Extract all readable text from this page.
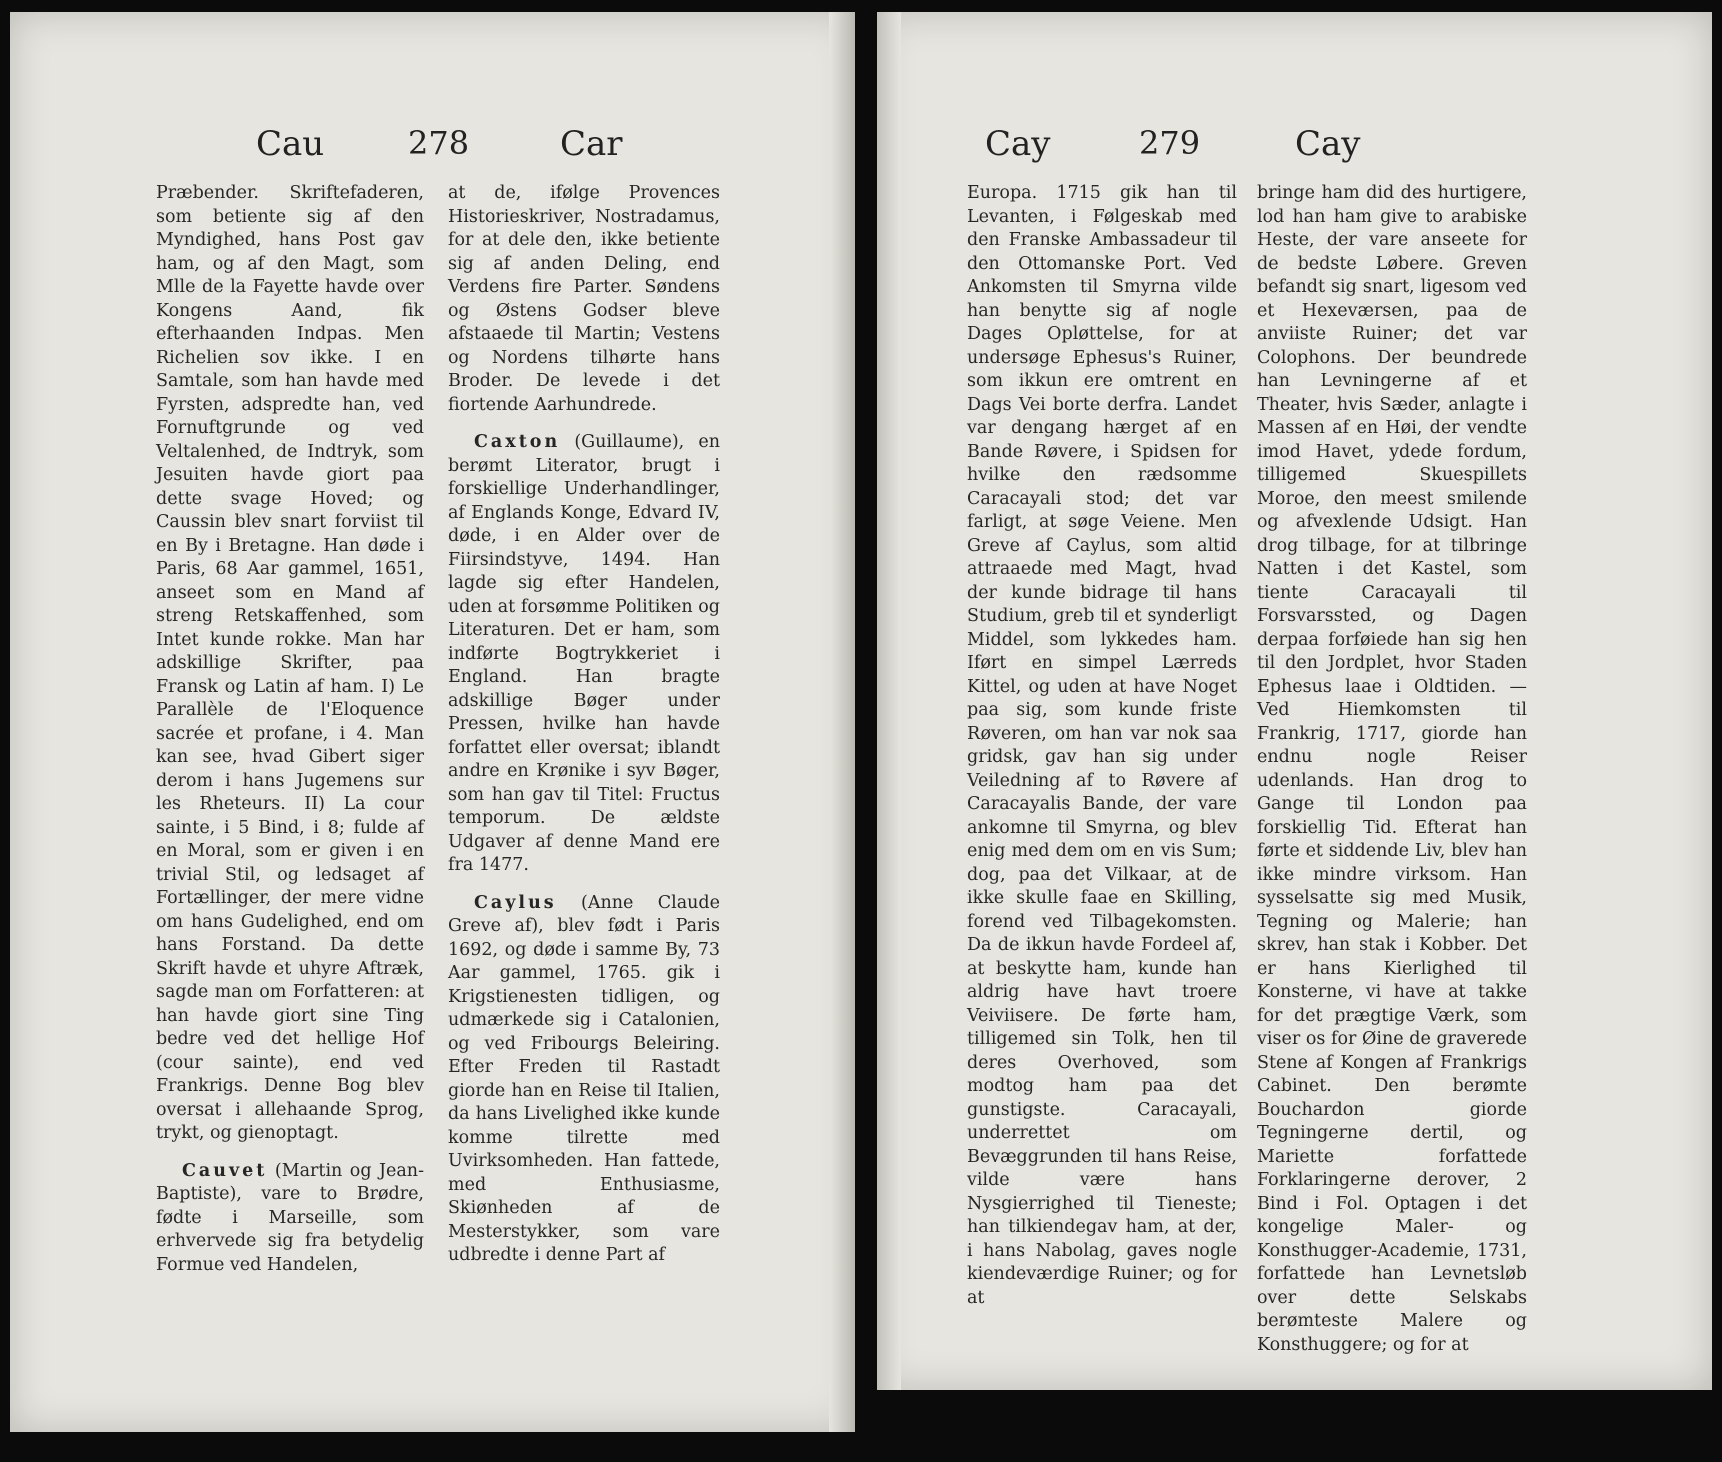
Cau	278	Car

Præbender. Skriftefaderen, som betiente sig af den Myndighed, hans Post gav ham, og af den Magt, som Mlle de la Fayette havde over Kongens Aand, fik efterhaanden Indpas. Men Richelien sov ikke. I en Samtale, som han havde med Fyrsten, adspredte han, ved Fornuftgrunde og ved Veltalenhed, de Indtryk, som Jesuiten havde giort paa dette svage Hoved; og Caussin blev snart forviist til en By i Bretagne. Han døde i Paris, 68 Aar gammel, 1651, anseet som en Mand af streng Retskaffenhed, som Intet kunde rokke. Man har adskillige Skrifter, paa Fransk og Latin af ham. I) Le Parallèle de l'Eloquence sacrée et profane, i 4. Man kan see, hvad Gibert siger derom i hans Jugemens sur les Rheteurs. II) La cour sainte, i 5 Bind, i 8; fulde af en Moral, som er given i en trivial Stil, og ledsaget af Fortællinger, der mere vidne om hans Gudelighed, end om hans Forstand. Da dette Skrift havde et uhyre Aftræk, sagde man om Forfatteren: at han havde giort sine Ting bedre ved det hellige Hof (cour sainte), end ved Frankrigs. Denne Bog blev oversat i allehaande Sprog, trykt, og gienoptagt.

Cauvet (Martin og Jean-Baptiste), vare to Brødre, fødte i Marseille, som erhvervede sig fra betydelig Formue ved Handelen,

at de, ifølge Provences Historieskriver, Nostradamus, for at dele den, ikke betiente sig af anden Deling, end Verdens fire Parter. Søndens og Østens Godser bleve afstaaede til Martin; Vestens og Nordens tilhørte hans Broder. De levede i det fiortende Aarhundrede.

Caxton (Guillaume), en berømt Literator, brugt i forskiellige Underhandlinger, af Englands Konge, Edvard IV, døde, i en Alder over de Fiirsindstyve, 1494. Han lagde sig efter Handelen, uden at forsømme Politiken og Literaturen. Det er ham, som indførte Bogtrykkeriet i England. Han bragte adskillige Bøger under Pressen, hvilke han havde forfattet eller oversat; iblandt andre en Krønike i syv Bøger, som han gav til Titel: Fructus temporum. De ældste Udgaver af denne Mand ere fra 1477.

Caylus (Anne Claude Greve af), blev født i Paris 1692, og døde i samme By, 73 Aar gammel, 1765. gik i Krigstienesten tidligen, og udmærkede sig i Catalonien, og ved Fribourgs Beleiring. Efter Freden til Rastadt giorde han en Reise til Italien, da hans Livelighed ikke kunde komme tilrette med Uvirksomheden. Han fattede, med Enthusiasme, Skiønheden af de Mesterstykker, som vare udbredte i denne Part af

Cay	279	Cay

Europa. 1715 gik han til Levanten, i Følgeskab med den Franske Ambassadeur til den Ottomanske Port. Ved Ankomsten til Smyrna vilde han benytte sig af nogle Dages Opløttelse, for at undersøge Ephesus's Ruiner, som ikkun ere omtrent en Dags Vei borte derfra. Landet var dengang hærget af en Bande Røvere, i Spidsen for hvilke den rædsomme Caracayali stod; det var farligt, at søge Veiene. Men Greve af Caylus, som altid attraaede med Magt, hvad der kunde bidrage til hans Studium, greb til et synderligt Middel, som lykkedes ham. Iført en simpel Lærreds Kittel, og uden at have Noget paa sig, som kunde friste Røveren, om han var nok saa gridsk, gav han sig under Veiledning af to Røvere af Caracayalis Bande, der vare ankomne til Smyrna, og blev enig med dem om en vis Sum; dog, paa det Vilkaar, at de ikke skulle faae en Skilling, forend ved Tilbagekomsten. Da de ikkun havde Fordeel af, at beskytte ham, kunde han aldrig have havt troere Veiviisere. De førte ham, tilligemed sin Tolk, hen til deres Overhoved, som modtog ham paa det gunstigste. Caracayali, underrettet om Bevæggrunden til hans Reise, vilde være hans Nysgierrighed til Tieneste; han tilkiendegav ham, at der, i hans Nabolag, gaves nogle kiendeværdige Ruiner; og for at

bringe ham did des hurtigere, lod han ham give to arabiske Heste, der vare anseete for de bedste Løbere. Greven befandt sig snart, ligesom ved et Hexeværsen, paa de anviiste Ruiner; det var Colophons. Der beundrede han Levningerne af et Theater, hvis Sæder, anlagte i Massen af en Høi, der vendte imod Havet, ydede fordum, tilligemed Skuespillets Moroe, den meest smilende og afvexlende Udsigt. Han drog tilbage, for at tilbringe Natten i det Kastel, som tiente Caracayali til Forsvarssted, og Dagen derpaa forføiede han sig hen til den Jordplet, hvor Staden Ephesus laae i Oldtiden. — Ved Hiemkomsten til Frankrig, 1717, giorde han endnu nogle Reiser udenlands. Han drog to Gange til London paa forskiellig Tid. Efterat han førte et siddende Liv, blev han ikke mindre virksom. Han sysselsatte sig med Musik, Tegning og Malerie; han skrev, han stak i Kobber. Det er hans Kierlighed til Konsterne, vi have at takke for det prægtige Værk, som viser os for Øine de graverede Stene af Kongen af Frankrigs Cabinet. Den berømte Bouchardon giorde Tegningerne dertil, og Mariette forfattede Forklaringerne derover, 2 Bind i Fol. Optagen i det kongelige Maler- og Konsthugger-Academie, 1731, forfattede han Levnetsløb over dette Selskabs berømteste Malere og Konsthuggere; og for at
